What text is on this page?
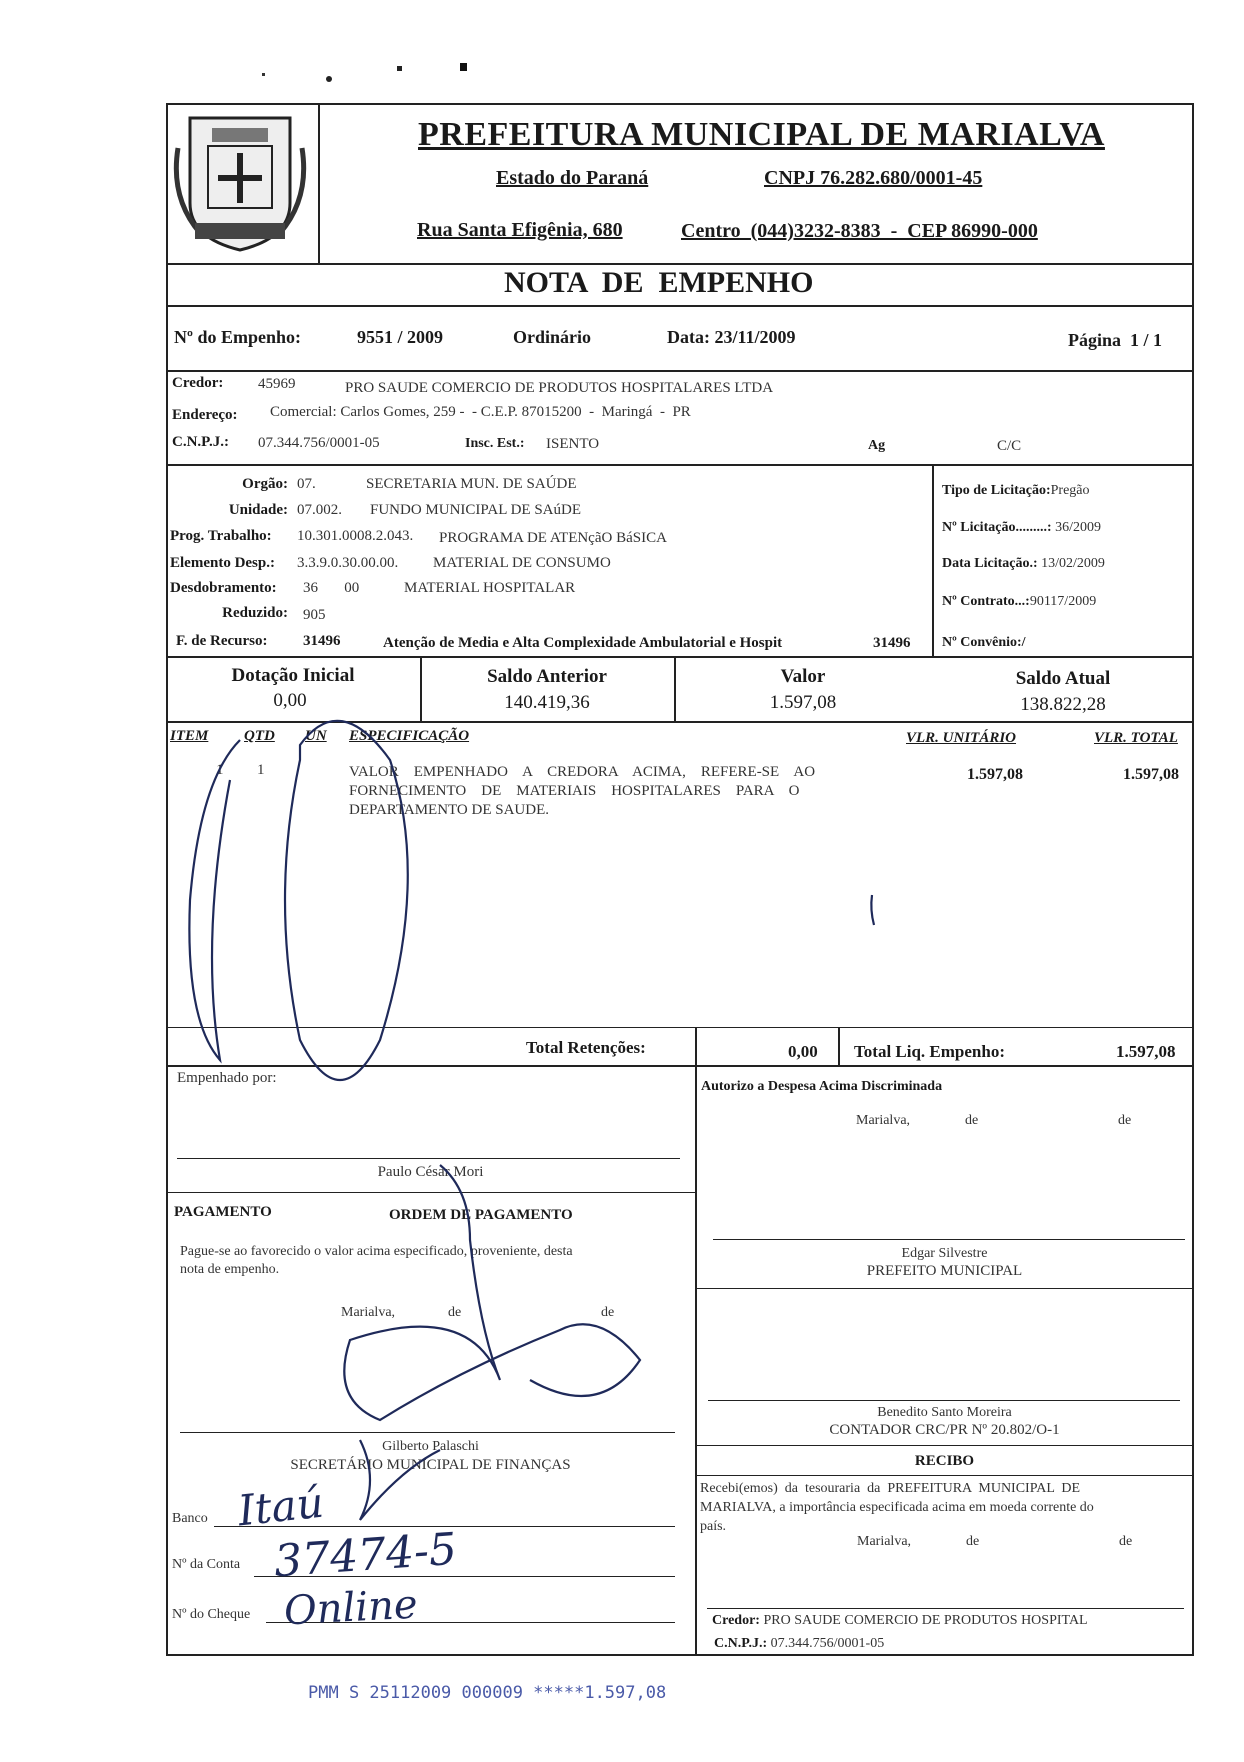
PREFEITURA MUNICIPAL DE MARIALVA
Estado do Paraná	CNPJ 76.282.680/0001-45
Rua Santa Efigênia, 680	Centro  (044)3232-8383  -  CEP 86990-000
NOTA  DE  EMPENHO
Nº do Empenho:	9551 / 2009	Ordinário	Data: 23/11/2009	Página  1 / 1
Credor: 45969	PRO SAUDE COMERCIO DE PRODUTOS HOSPITALARES LTDA
Endereço: Comercial: Carlos Gomes, 259 -  - C.E.P. 87015200  -  Maringá  -  PR
C.N.P.J.: 07.344.756/0001-05	Insc. Est.: ISENTO	Ag	C/C
Orgão: 07.	SECRETARIA MUN. DE SAÚDE
Unidade: 07.002. FUNDO MUNICIPAL DE SAúDE
Prog. Trabalho: 10.301.0008.2.043. PROGRAMA DE ATENçãO BáSICA
Elemento Desp.: 3.3.9.0.30.00.00. MATERIAL DE CONSUMO
Desdobramento: 36       00	MATERIAL HOSPITALAR
Reduzido: 905
F. de Recurso: 31496	Atenção de Media e Alta Complexidade Ambulatorial e Hospit	31496
Tipo de Licitação:Pregão
Nº Licitação.........: 36/2009
Data Licitação.: 13/02/2009
Nº Contrato...:90117/2009
Nº Convênio:/
Dotação Inicial
0,00
Saldo Anterior
140.419,36
Valor
1.597,08
Saldo Atual
138.822,28
ITEM QTD UN ESPECIFICAÇÃO	VLR. UNITÁRIO	VLR. TOTAL
1 1	VALOR    EMPENHADO    A    CREDORA    ACIMA,    REFERE-SE    AO
FORNECIMENTO    DE    MATERIAIS    HOSPITALARES    PARA    O
DEPARTAMENTO DE SAUDE.
1.597,08	1.597,08
Total Retenções:	0,00 Total Liq. Empenho:	1.597,08
Empenhado por:
Paulo César Mori
PAGAMENTO	ORDEM DE PAGAMENTO
Pague-se ao favorecido o valor acima especificado, proveniente, desta
nota de empenho.
Marialva,	de	de
Gilberto Palaschi
SECRETÁRIO MUNICIPAL DE FINANÇAS
Banco
Nº da Conta
Nº do Cheque
Itaú
37474-5
Online
Autorizo a Despesa Acima Discriminada
Marialva,	de	de
Edgar Silvestre
PREFEITO MUNICIPAL
Benedito Santo Moreira
CONTADOR CRC/PR Nº 20.802/O-1
RECIBO
Recebi(emos)  da  tesouraria  da  PREFEITURA  MUNICIPAL  DE
MARIALVA, a importância especificada acima em moeda corrente do
país.
Marialva,	de	de
Credor: PRO SAUDE COMERCIO DE PRODUTOS HOSPITAL
C.N.P.J.: 07.344.756/0001-05
PMM S 25112009 000009 *****1.597,08
